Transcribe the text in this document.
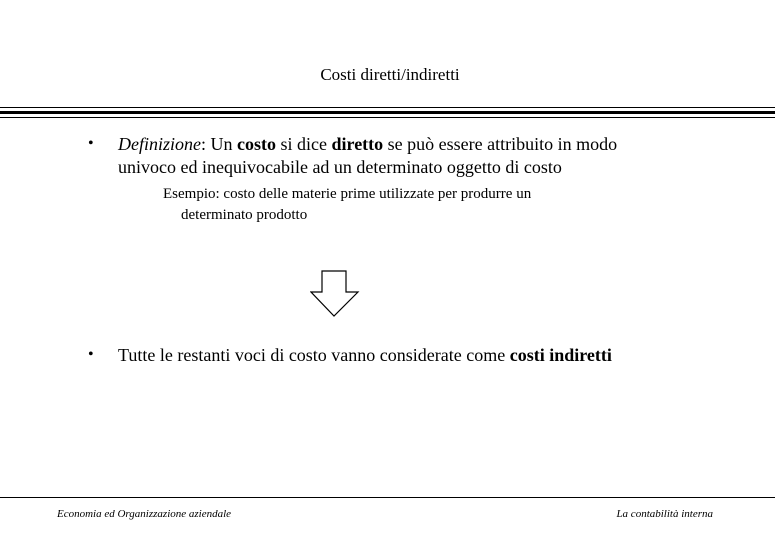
Costi diretti/indiretti
• Definizione: Un costo si dice diretto se può essere attribuito in modo
univoco ed inequivocabile ad un determinato oggetto di costo
Esempio: costo delle materie prime utilizzate per produrre un
determinato prodotto
• Tutte le restanti voci di costo vanno considerate come costi indiretti
Economia ed Organizzazione aziendale	La contabilità interna
